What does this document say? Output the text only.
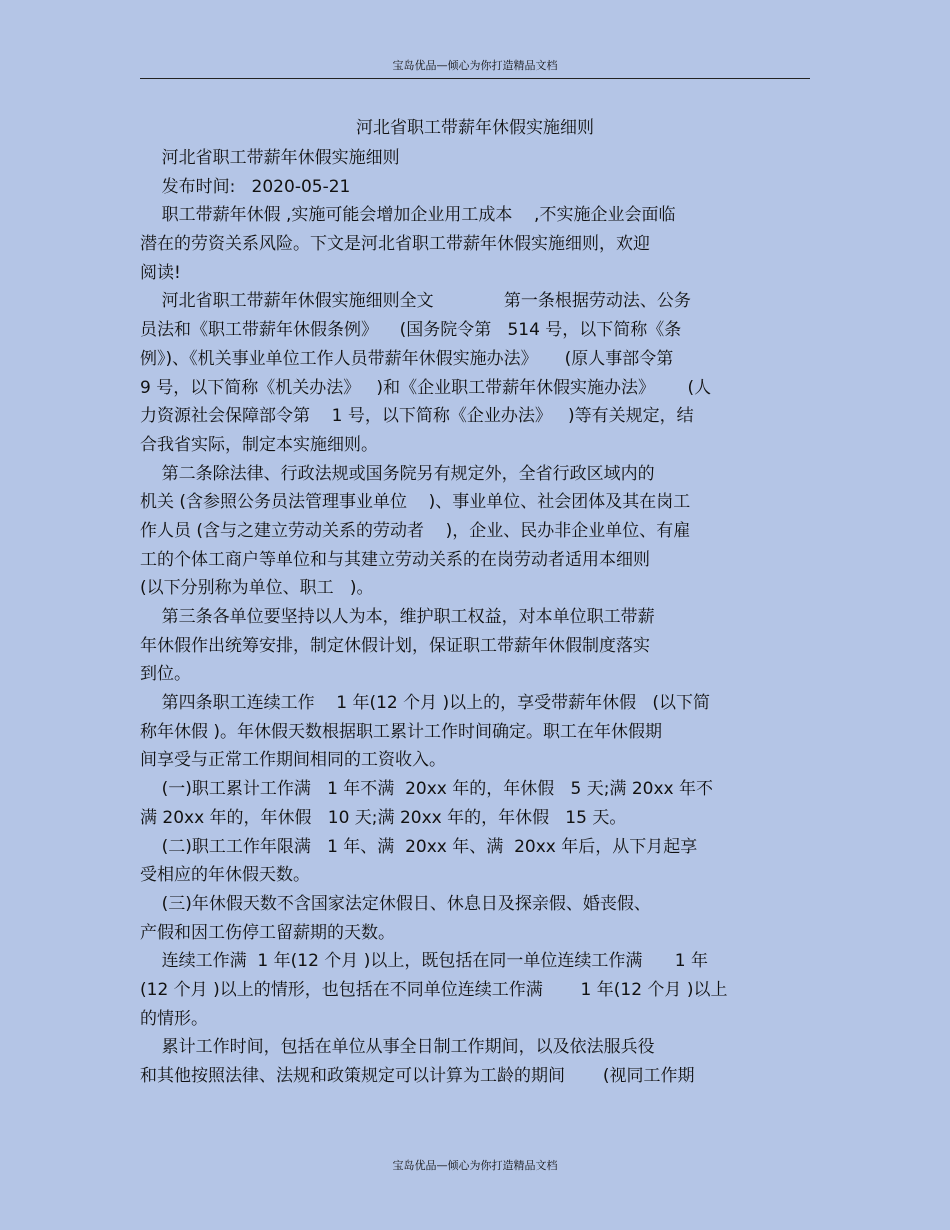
宝岛优品—倾心为你打造精品文档
河北省职工带薪年休假实施细则
河北省职工带薪年休假实施细则
发布时间:   2020-05-21
职工带薪年休假 ,实施可能会增加企业用工成本    ,不实施企业会面临
潜在的劳资关系风险。下文是河北省职工带薪年休假实施细则，欢迎
阅读!
河北省职工带薪年休假实施细则全文             第一条根据劳动法、公务
员法和《职工带薪年休假条例》    (国务院令第   514 号，以下简称《条
例》)、《机关事业单位工作人员带薪年休假实施办法》     (原人事部令第
9 号，以下简称《机关办法》   )和《企业职工带薪年休假实施办法》      (人
力资源社会保障部令第    1 号，以下简称《企业办法》   )等有关规定，结
合我省实际，制定本实施细则。
第二条除法律、行政法规或国务院另有规定外，全省行政区域内的
机关 (含参照公务员法管理事业单位    )、事业单位、社会团体及其在岗工
作人员 (含与之建立劳动关系的劳动者    )，企业、民办非企业单位、有雇
工的个体工商户等单位和与其建立劳动关系的在岗劳动者适用本细则
(以下分别称为单位、职工   )。
第三条各单位要坚持以人为本，维护职工权益，对本单位职工带薪
年休假作出统筹安排，制定休假计划，保证职工带薪年休假制度落实
到位。
第四条职工连续工作    1 年(12 个月 )以上的，享受带薪年休假   (以下简
称年休假 )。年休假天数根据职工累计工作时间确定。职工在年休假期
间享受与正常工作期间相同的工资收入。
(一)职工累计工作满   1 年不满  20xx 年的，年休假   5 天;满 20xx 年不
满 20xx 年的，年休假   10 天;满 20xx 年的，年休假   15 天。
(二)职工工作年限满   1 年、满  20xx 年、满  20xx 年后，从下月起享
受相应的年休假天数。
(三)年休假天数不含国家法定休假日、休息日及探亲假、婚丧假、
产假和因工伤停工留薪期的天数。
连续工作满  1 年(12 个月 )以上，既包括在同一单位连续工作满      1 年
(12 个月 )以上的情形，也包括在不同单位连续工作满       1 年(12 个月 )以上
的情形。
累计工作时间，包括在单位从事全日制工作期间，以及依法服兵役
和其他按照法律、法规和政策规定可以计算为工龄的期间       (视同工作期
宝岛优品—倾心为你打造精品文档
